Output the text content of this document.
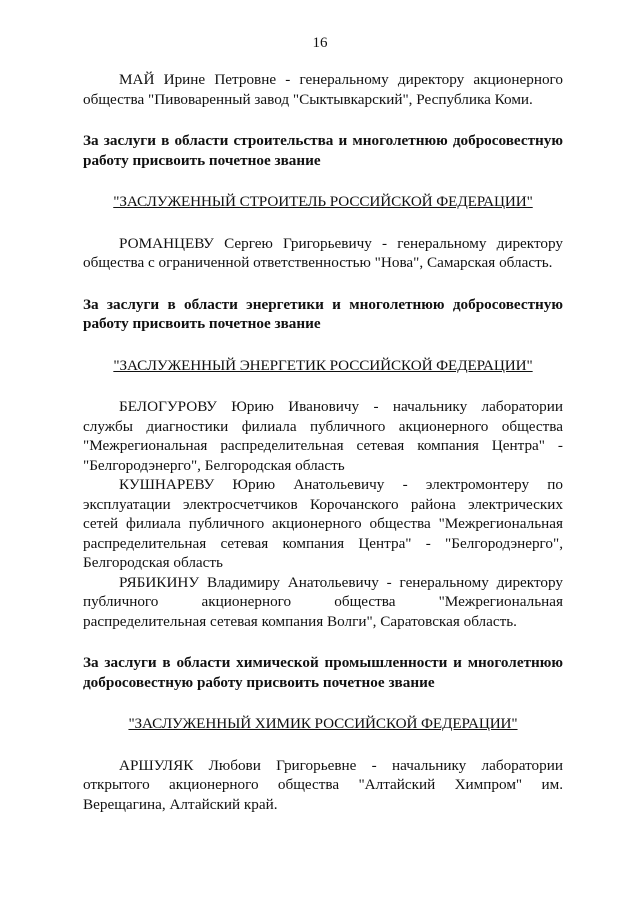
16

МАЙ Ирине Петровне - генеральному директору акционерного общества "Пивоваренный завод "Сыктывкарский", Республика Коми.

За заслуги в области строительства и многолетнюю добросовестную работу присвоить почетное звание

"ЗАСЛУЖЕННЫЙ СТРОИТЕЛЬ РОССИЙСКОЙ ФЕДЕРАЦИИ"

РОМАНЦЕВУ Сергею Григорьевичу - генеральному директору общества с ограниченной ответственностью "Нова", Самарская область.

За заслуги в области энергетики и многолетнюю добросовестную работу присвоить почетное звание

"ЗАСЛУЖЕННЫЙ ЭНЕРГЕТИК РОССИЙСКОЙ ФЕДЕРАЦИИ"

БЕЛОГУРОВУ Юрию Ивановичу - начальнику лаборатории службы диагностики филиала публичного акционерного общества "Межрегиональная распределительная сетевая компания Центра" - "Белгородэнерго", Белгородская область

КУШНАРЕВУ Юрию Анатольевичу - электромонтеру по эксплуатации электросчетчиков Корочанского района электрических сетей филиала публичного акционерного общества "Межрегиональная распределительная сетевая компания Центра" - "Белгородэнерго", Белгородская область

РЯБИКИНУ Владимиру Анатольевичу - генеральному директору публичного акционерного общества "Межрегиональная распределительная сетевая компания Волги", Саратовская область.

За заслуги в области химической промышленности и многолетнюю добросовестную работу присвоить почетное звание

"ЗАСЛУЖЕННЫЙ ХИМИК РОССИЙСКОЙ ФЕДЕРАЦИИ"

АРШУЛЯК Любови Григорьевне - начальнику лаборатории открытого акционерного общества "Алтайский Химпром" им. Верещагина, Алтайский край.
